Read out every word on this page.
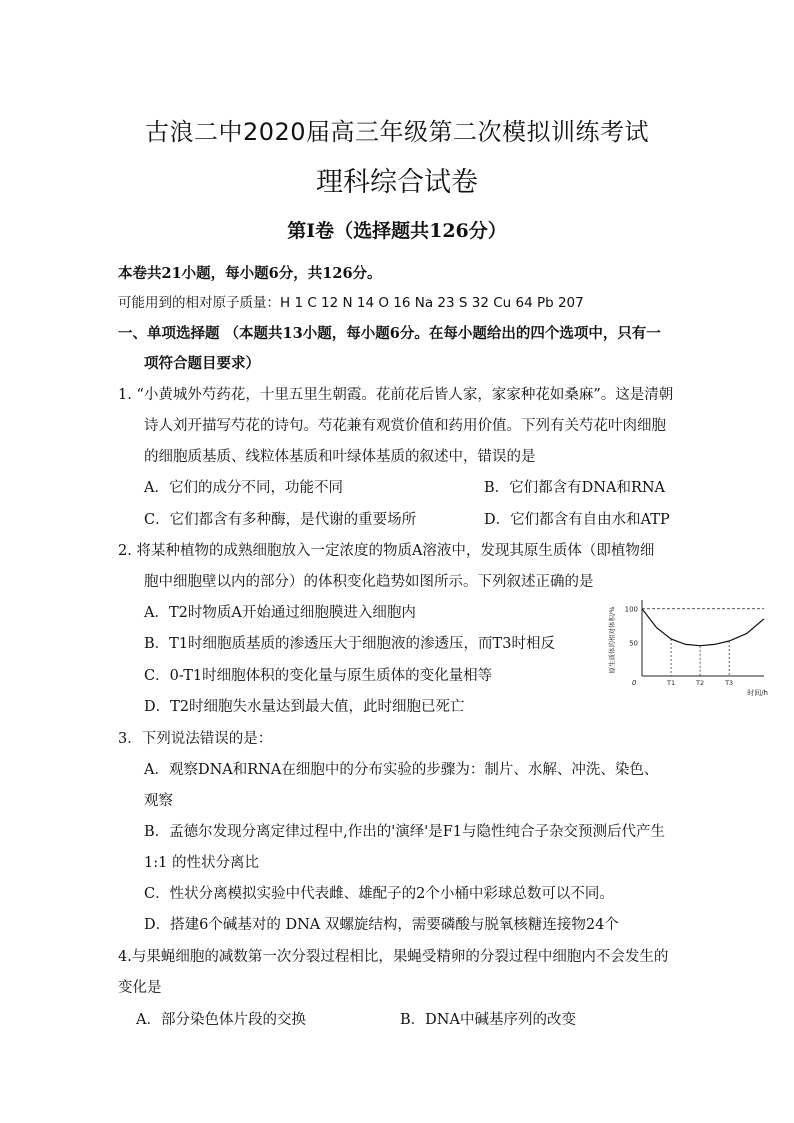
古浪二中2020届高三年级第二次模拟训练考试
理科综合试卷
第I卷（选择题共126分）
本卷共21小题，每小题6分，共126分。
可能用到的相对原子质量：H 1 C 12 N 14 O 16 Na 23 S 32 Cu 64 Pb 207
一、单项选择题 （本题共13小题，每小题6分。在每小题给出的四个选项中，只有一
项符合题目要求）
1. “小黄城外芍药花，十里五里生朝霞。花前花后皆人家，家家种花如桑麻”。这是清朝
诗人刘开描写芍花的诗句。芍花兼有观赏价值和药用价值。下列有关芍花叶肉细胞
的细胞质基质、线粒体基质和叶绿体基质的叙述中，错误的是
A．它们的成分不同，功能不同	B．它们都含有DNA和RNA
C．它们都含有多种酶，是代谢的重要场所	D．它们都含有自由水和ATP
2. 将某种植物的成熟细胞放入一定浓度的物质A溶液中，发现其原生质体（即植物细
胞中细胞壁以内的部分）的体积变化趋势如图所示。下列叙述正确的是
A．T2时物质A开始通过细胞膜进入细胞内
B．T1时细胞质基质的渗透压大于细胞液的渗透压，而T3时相反
C．0-T1时细胞体积的变化量与原生质体的变化量相等
D．T2时细胞失水量达到最大值，此时细胞已死亡
原生质体的相对体积/% 100
50
0	T1	T2	T3
时间/h
3．下列说法错误的是：
A．观察DNA和RNA在细胞中的分布实验的步骤为：制片、水解、冲洗、染色、
观察
B．孟德尔发现分离定律过程中,作出的'演绎'是F1与隐性纯合子杂交预测后代产生
1:1 的性状分离比
C．性状分离模拟实验中代表雌、雄配子的2个小桶中彩球总数可以不同。
D．搭建6个碱基对的 DNA 双螺旋结构，需要磷酸与脱氧核糖连接物24个
4.与果蝇细胞的减数第一次分裂过程相比，果蝇受精卵的分裂过程中细胞内不会发生的
变化是
A．部分染色体片段的交换	B．DNA中碱基序列的改变
